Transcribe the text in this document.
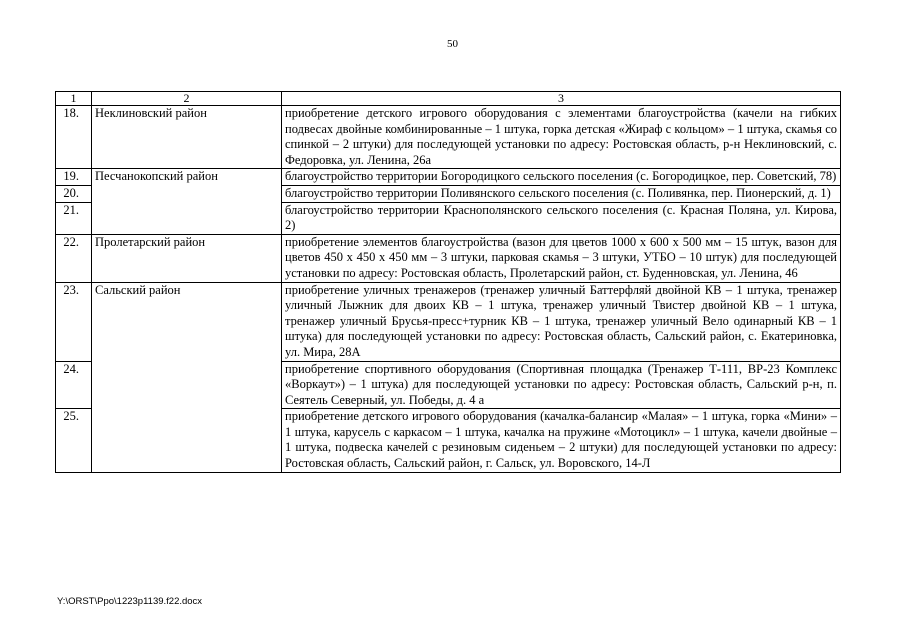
50
1	2	3
18.	Неклиновский район	приобретение детского игрового оборудования с элементами благоустройства (качели на гибких подвесах двойные комбинированные – 1 штука, горка детская «Жираф с кольцом» – 1 штука, скамья со спинкой – 2 штуки) для последующей установки по адресу: Ростовская область, р-н Неклиновский, с. Федоровка, ул. Ленина, 26а
19.	Песчанокопский район	благоустройство территории Богородицкого сельского поселения (с. Богородицкое, пер. Советский, 78)
20.		благоустройство территории Поливянского сельского поселения (с. Поливянка, пер. Пионерский, д. 1)
21.		благоустройство территории Краснополянского сельского поселения (с. Красная Поляна, ул. Кирова, 2)
22.	Пролетарский район	приобретение элементов благоустройства (вазон для цветов 1000 х 600 х 500 мм – 15 штук, вазон для цветов 450 х 450 х 450 мм – 3 штуки, парковая скамья – 3 штуки, УТБО – 10 штук) для последующей установки по адресу: Ростовская область, Пролетарский район, ст. Буденновская, ул. Ленина, 46
23.	Сальский район	приобретение уличных тренажеров (тренажер уличный Баттерфляй двойной КВ – 1 штука, тренажер уличный Лыжник для двоих КВ – 1 штука, тренажер уличный Твистер двойной КВ – 1 штука, тренажер уличный Брусья-пресс+турник КВ – 1 штука, тренажер уличный Вело одинарный КВ – 1 штука) для последующей установки по адресу: Ростовская область, Сальский район, с. Екатериновка, ул. Мира, 28А
24.		приобретение спортивного оборудования (Спортивная площадка (Тренажер Т-111, ВР-23 Комплекс «Воркаут») – 1 штука) для последующей установки по адресу: Ростовская область, Сальский р-н, п. Сеятель Северный, ул. Победы, д. 4 а
25.		приобретение детского игрового оборудования (качалка-балансир «Малая» – 1 штука, горка «Мини» – 1 штука, карусель с каркасом – 1 штука, качалка на пружине «Мотоцикл» – 1 штука, качели двойные – 1 штука, подвеска качелей с резиновым сиденьем – 2 штуки) для последующей установки по адресу: Ростовская область, Сальский район, г. Сальск, ул. Воровского, 14-Л
Y:\ORST\Ppo\1223p1139.f22.docx
